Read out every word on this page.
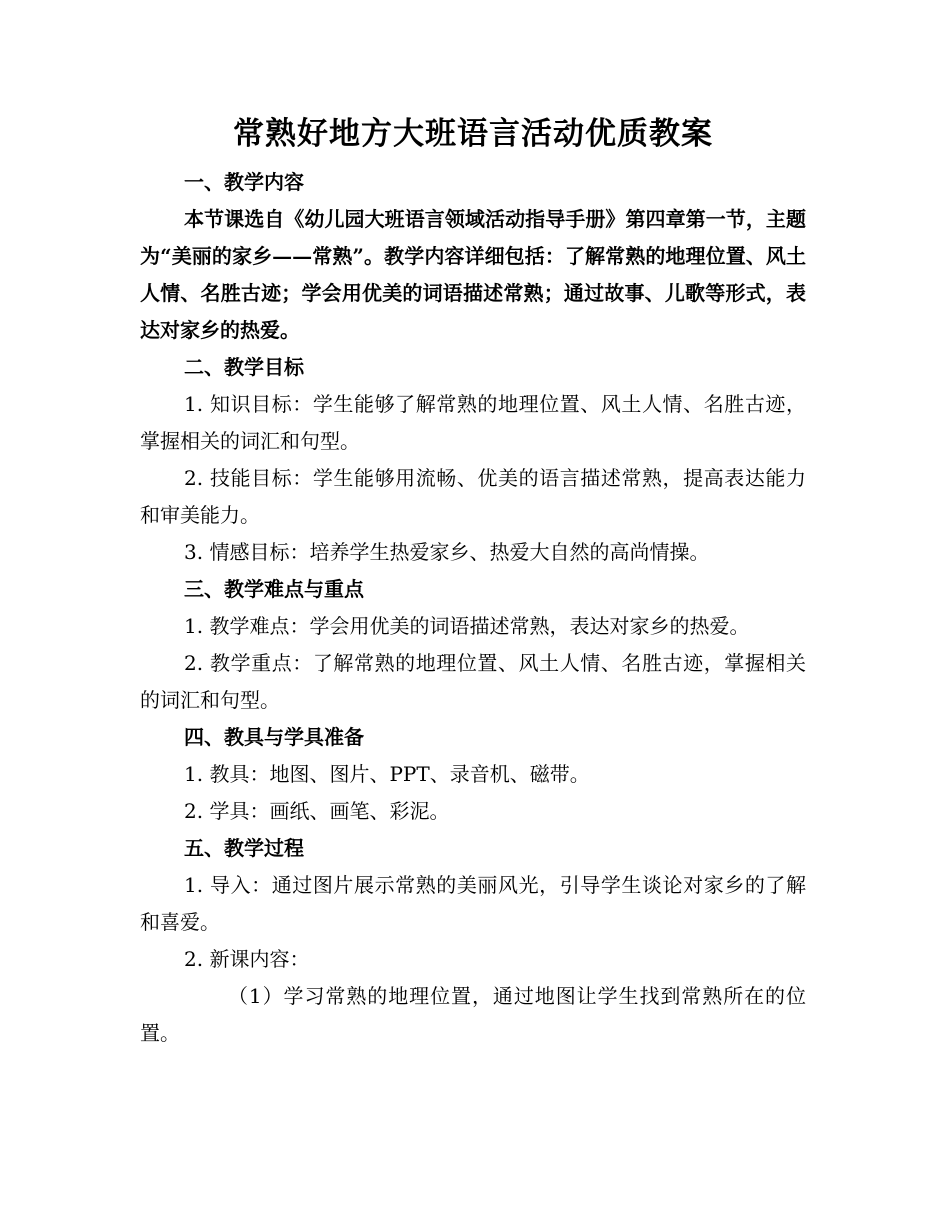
常熟好地方大班语言活动优质教案

一、教学内容

本节课选自《幼儿园大班语言领域活动指导手册》第四章第一节，主题为“美丽的家乡——常熟”。教学内容详细包括：了解常熟的地理位置、风土人情、名胜古迹；学会用优美的词语描述常熟；通过故事、儿歌等形式，表达对家乡的热爱。

二、教学目标

1. 知识目标：学生能够了解常熟的地理位置、风土人情、名胜古迹，掌握相关的词汇和句型。

2. 技能目标：学生能够用流畅、优美的语言描述常熟，提高表达能力和审美能力。

3. 情感目标：培养学生热爱家乡、热爱大自然的高尚情操。

三、教学难点与重点

1. 教学难点：学会用优美的词语描述常熟，表达对家乡的热爱。

2. 教学重点：了解常熟的地理位置、风土人情、名胜古迹，掌握相关的词汇和句型。

四、教具与学具准备

1. 教具：地图、图片、PPT、录音机、磁带。

2. 学具：画纸、画笔、彩泥。

五、教学过程

1. 导入：通过图片展示常熟的美丽风光，引导学生谈论对家乡的了解和喜爱。

2. 新课内容：

（1）学习常熟的地理位置，通过地图让学生找到常熟所在的位置。
